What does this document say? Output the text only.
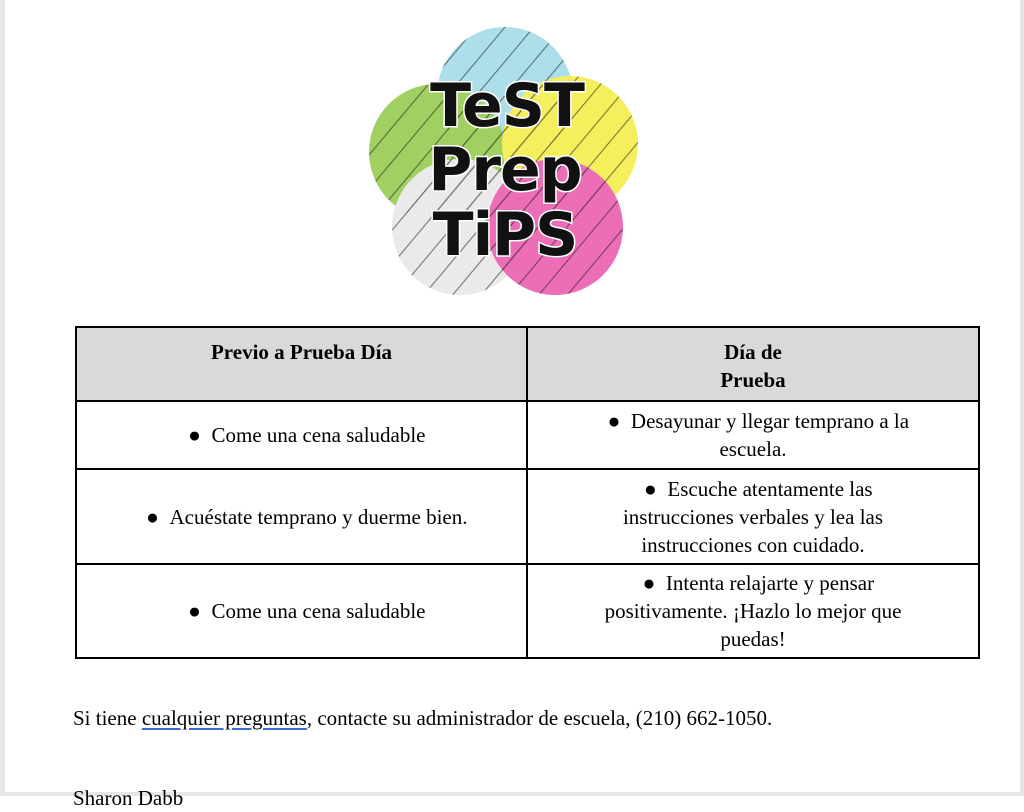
TeST
Prep
TiPS
Previo a Prueba Día	Día de Prueba
● Come una cena saludable	● Desayunar y llegar temprano a la escuela.
● Acuéstate temprano y duerme bien.	● Escuche atentamente las instrucciones verbales y lea las instrucciones con cuidado.
● Come una cena saludable	● Intenta relajarte y pensar positivamente. ¡Hazlo lo mejor que puedas!
Si tiene cualquier preguntas, contacte su administrador de escuela, (210) 662-1050.
Sharon Dabb
